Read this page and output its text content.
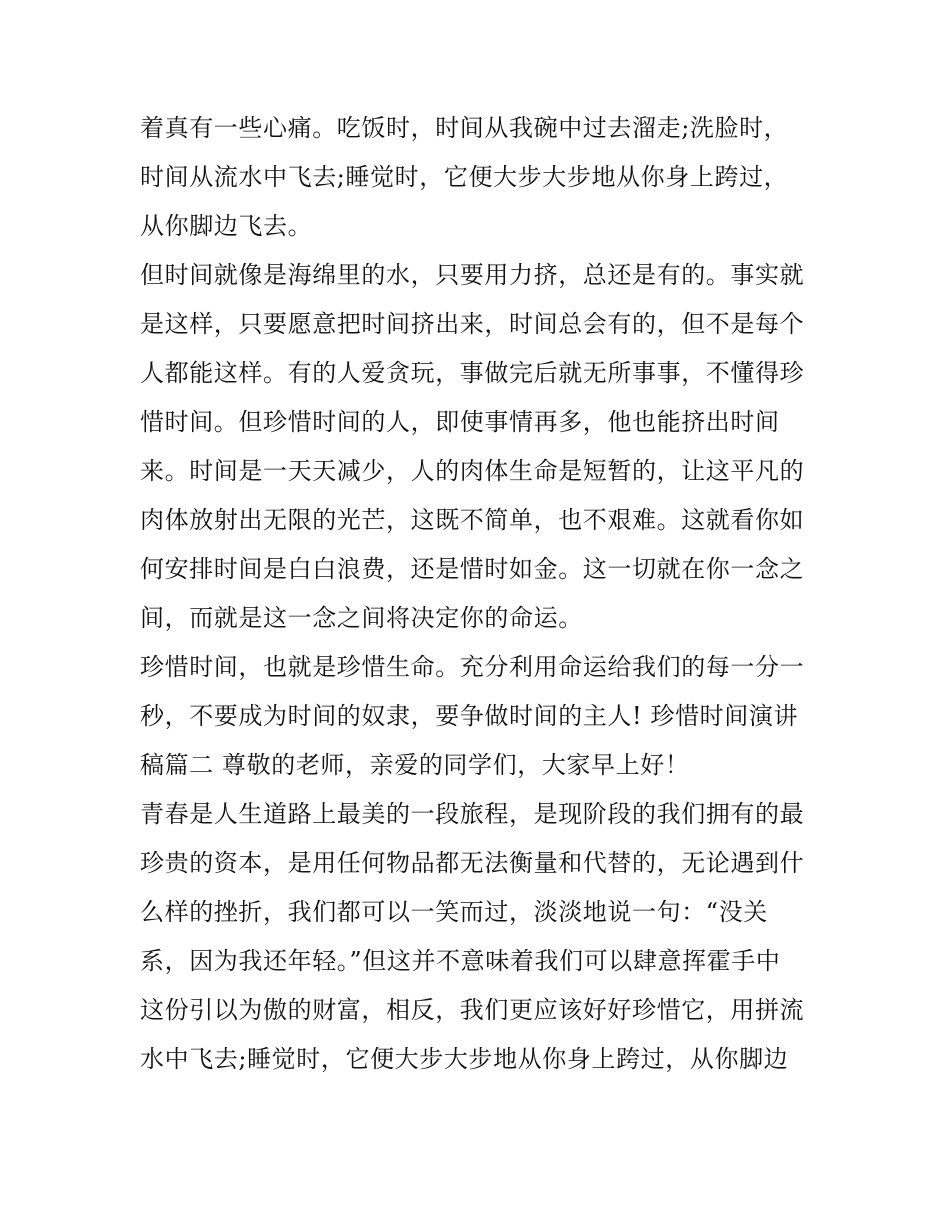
着真有一些心痛。吃饭时，时间从我碗中过去溜走;洗脸时，
时间从流水中飞去;睡觉时，它便大步大步地从你身上跨过，
从你脚边飞去。
但时间就像是海绵里的水，只要用力挤，总还是有的。事实就
是这样，只要愿意把时间挤出来，时间总会有的，但不是每个
人都能这样。有的人爱贪玩，事做完后就无所事事，不懂得珍
惜时间。但珍惜时间的人，即使事情再多，他也能挤出时间
来。时间是一天天减少，人的肉体生命是短暂的，让这平凡的
肉体放射出无限的光芒，这既不简单，也不艰难。这就看你如
何安排时间是白白浪费，还是惜时如金。这一切就在你一念之
间，而就是这一念之间将决定你的命运。
珍惜时间，也就是珍惜生命。充分利用命运给我们的每一分一
秒，不要成为时间的奴隶，要争做时间的主人! 珍惜时间演讲
稿篇二 尊敬的老师，亲爱的同学们，大家早上好！
青春是人生道路上最美的一段旅程，是现阶段的我们拥有的最
珍贵的资本，是用任何物品都无法衡量和代替的，无论遇到什
么样的挫折，我们都可以一笑而过，淡淡地说一句：“没关
系，因为我还年轻。”但这并不意味着我们可以肆意挥霍手中
这份引以为傲的财富，相反，我们更应该好好珍惜它，用拼流
水中飞去;睡觉时，它便大步大步地从你身上跨过，从你脚边
